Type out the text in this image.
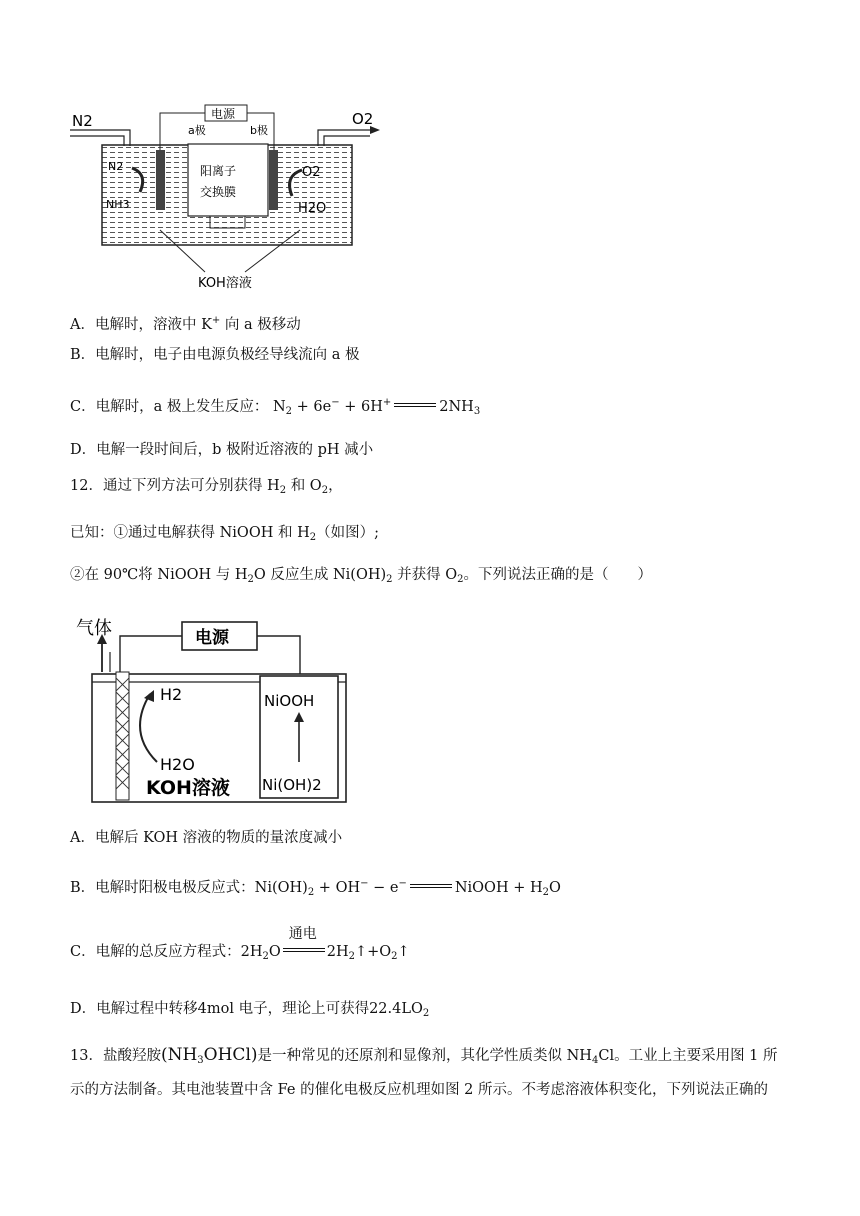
N2	O2
电源
a极	b极
N2
NH3
阳离子
交换膜
O2
H2O
KOH溶液
A．电解时，溶液中 K+ 向 a 极移动
B．电解时，电子由电源负极经导线流向 a 极
C．电解时，a 极上发生反应： $N_2 + 6e^- + 6H^+$	$2NH_3$
D．电解一段时间后，b 极附近溶液的 pH 减小
12．通过下列方法可分别获得 $H_2$ 和 $O_2$，
已知：①通过电解获得 NiOOH 和 $H_2$（如图）;
②在 90℃将 NiOOH 与 $H_2O$ 反应生成 $Ni(OH)_2$ 并获得 $O_2$。下列说法正确的是（　　）
气体	电源
H2
H2O
KOH溶液
NiOOH
Ni(OH)2
A．电解后 KOH 溶液的物质的量浓度减小
B．电解时阳极电极反应式：$Ni(OH)_2 + OH^- - e^-$	NiOOH + $H_2O$
C．电解的总反应方程式：$2H_2O$
通电
$2H_2↑+O_2↑$
D．电解过程中转移4mol 电子，理论上可获得$22.4LO_2$
13．盐酸羟胺$(NH_3OHCl)$是一种常见的还原剂和显像剂，其化学性质类似 $NH_4Cl$。工业上主要采用图 1 所
示的方法制备。其电池装置中含 Fe 的催化电极反应机理如图 2 所示。不考虑溶液体积变化，下列说法正确的
